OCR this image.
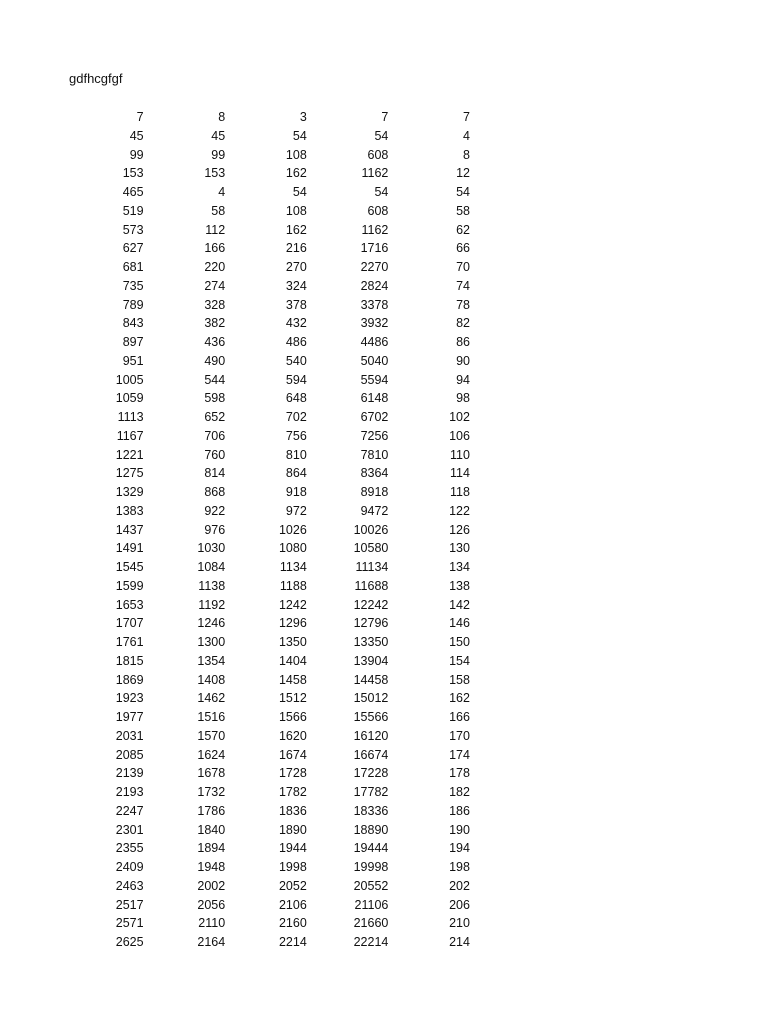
gdfhcgfgf
7	8	3	7	7
45	45	54	54	4
99	99	108	608	8
153	153	162	1162	12
465	4	54	54	54
519	58	108	608	58
573	112	162	1162	62
627	166	216	1716	66
681	220	270	2270	70
735	274	324	2824	74
789	328	378	3378	78
843	382	432	3932	82
897	436	486	4486	86
951	490	540	5040	90
1005	544	594	5594	94
1059	598	648	6148	98
1113	652	702	6702	102
1167	706	756	7256	106
1221	760	810	7810	110
1275	814	864	8364	114
1329	868	918	8918	118
1383	922	972	9472	122
1437	976	1026	10026	126
1491	1030	1080	10580	130
1545	1084	1134	11134	134
1599	1138	1188	11688	138
1653	1192	1242	12242	142
1707	1246	1296	12796	146
1761	1300	1350	13350	150
1815	1354	1404	13904	154
1869	1408	1458	14458	158
1923	1462	1512	15012	162
1977	1516	1566	15566	166
2031	1570	1620	16120	170
2085	1624	1674	16674	174
2139	1678	1728	17228	178
2193	1732	1782	17782	182
2247	1786	1836	18336	186
2301	1840	1890	18890	190
2355	1894	1944	19444	194
2409	1948	1998	19998	198
2463	2002	2052	20552	202
2517	2056	2106	21106	206
2571	2110	2160	21660	210
2625	2164	2214	22214	214
